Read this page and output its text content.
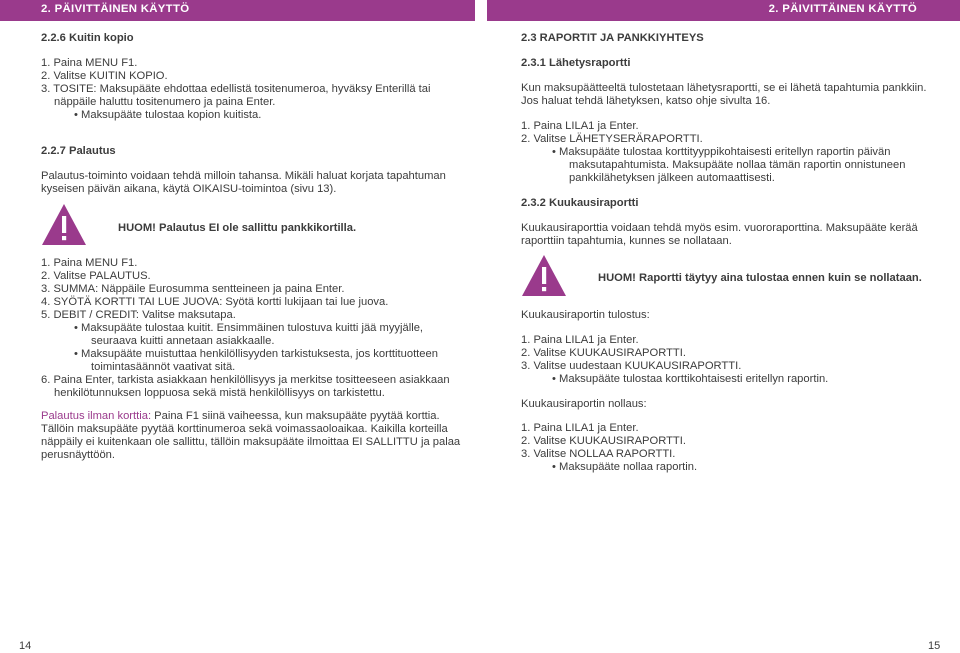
2. PÄIVITTÄINEN KÄYTTÖ	2. PÄIVITTÄINEN KÄYTTÖ
2.2.6 Kuitin kopio
1. Paina MENU F1.
2. Valitse KUITIN KOPIO.
3. TOSITE: Maksupääte ehdottaa edellistä tositenumeroa, hyväksy Enterillä tai
näppäile haluttu tositenumero ja paina Enter.
• Maksupääte tulostaa kopion kuitista.
2.2.7 Palautus
Palautus-toiminto voidaan tehdä milloin tahansa. Mikäli haluat korjata tapahtuman
kyseisen päivän aikana, käytä OIKAISU-toimintoa (sivu 13).
HUOM! Palautus EI ole sallittu pankkikortilla.
1. Paina MENU F1.
2. Valitse PALAUTUS.
3. SUMMA: Näppäile Eurosumma sentteineen ja paina Enter.
4. SYÖTÄ KORTTI TAI LUE JUOVA: Syötä kortti lukijaan tai lue juova.
5. DEBIT / CREDIT: Valitse maksutapa.
• Maksupääte tulostaa kuitit. Ensimmäinen tulostuva kuitti jää myyjälle,
seuraava kuitti annetaan asiakkaalle.
• Maksupääte muistuttaa henkilöllisyyden tarkistuksesta, jos korttituotteen
toimintasäännöt vaativat sitä.
6. Paina Enter, tarkista asiakkaan henkilöllisyys ja merkitse tositteeseen asiakkaan
henkilötunnuksen loppuosa sekä mistä henkilöllisyys on tarkistettu.
Palautus ilman korttia: Paina F1 siinä vaiheessa, kun maksupääte pyytää korttia.
Tällöin maksupääte pyytää korttinumeroa sekä voimassaoloaikaa. Kaikilla korteilla
näppäily ei kuitenkaan ole sallittu, tällöin maksupääte ilmoittaa EI SALLITTU ja palaa
perusnäyttöön.
14
2.3 RAPORTIT JA PANKKIYHTEYS
2.3.1 Lähetysraportti
Kun maksupäätteeltä tulostetaan lähetysraportti, se ei lähetä tapahtumia pankkiin.
Jos haluat tehdä lähetyksen, katso ohje sivulta 16.
1. Paina LILA1 ja Enter.
2. Valitse LÄHETYSERÄRAPORTTI.
• Maksupääte tulostaa korttityyppikohtaisesti eritellyn raportin päivän
maksutapahtumista. Maksupääte nollaa tämän raportin onnistuneen
pankkilähetyksen jälkeen automaattisesti.
2.3.2 Kuukausiraportti
Kuukausiraporttia voidaan tehdä myös esim. vuororaporttina. Maksupääte kerää
raporttiin tapahtumia, kunnes se nollataan.
HUOM! Raportti täytyy aina tulostaa ennen kuin se nollataan.
Kuukausiraportin tulostus:
1. Paina LILA1 ja Enter.
2. Valitse KUUKAUSIRAPORTTI.
3. Valitse uudestaan KUUKAUSIRAPORTTI.
• Maksupääte tulostaa korttikohtaisesti eritellyn raportin.
Kuukausiraportin nollaus:
1. Paina LILA1 ja Enter.
2. Valitse KUUKAUSIRAPORTTI.
3. Valitse NOLLAA RAPORTTI.
• Maksupääte nollaa raportin.
15
